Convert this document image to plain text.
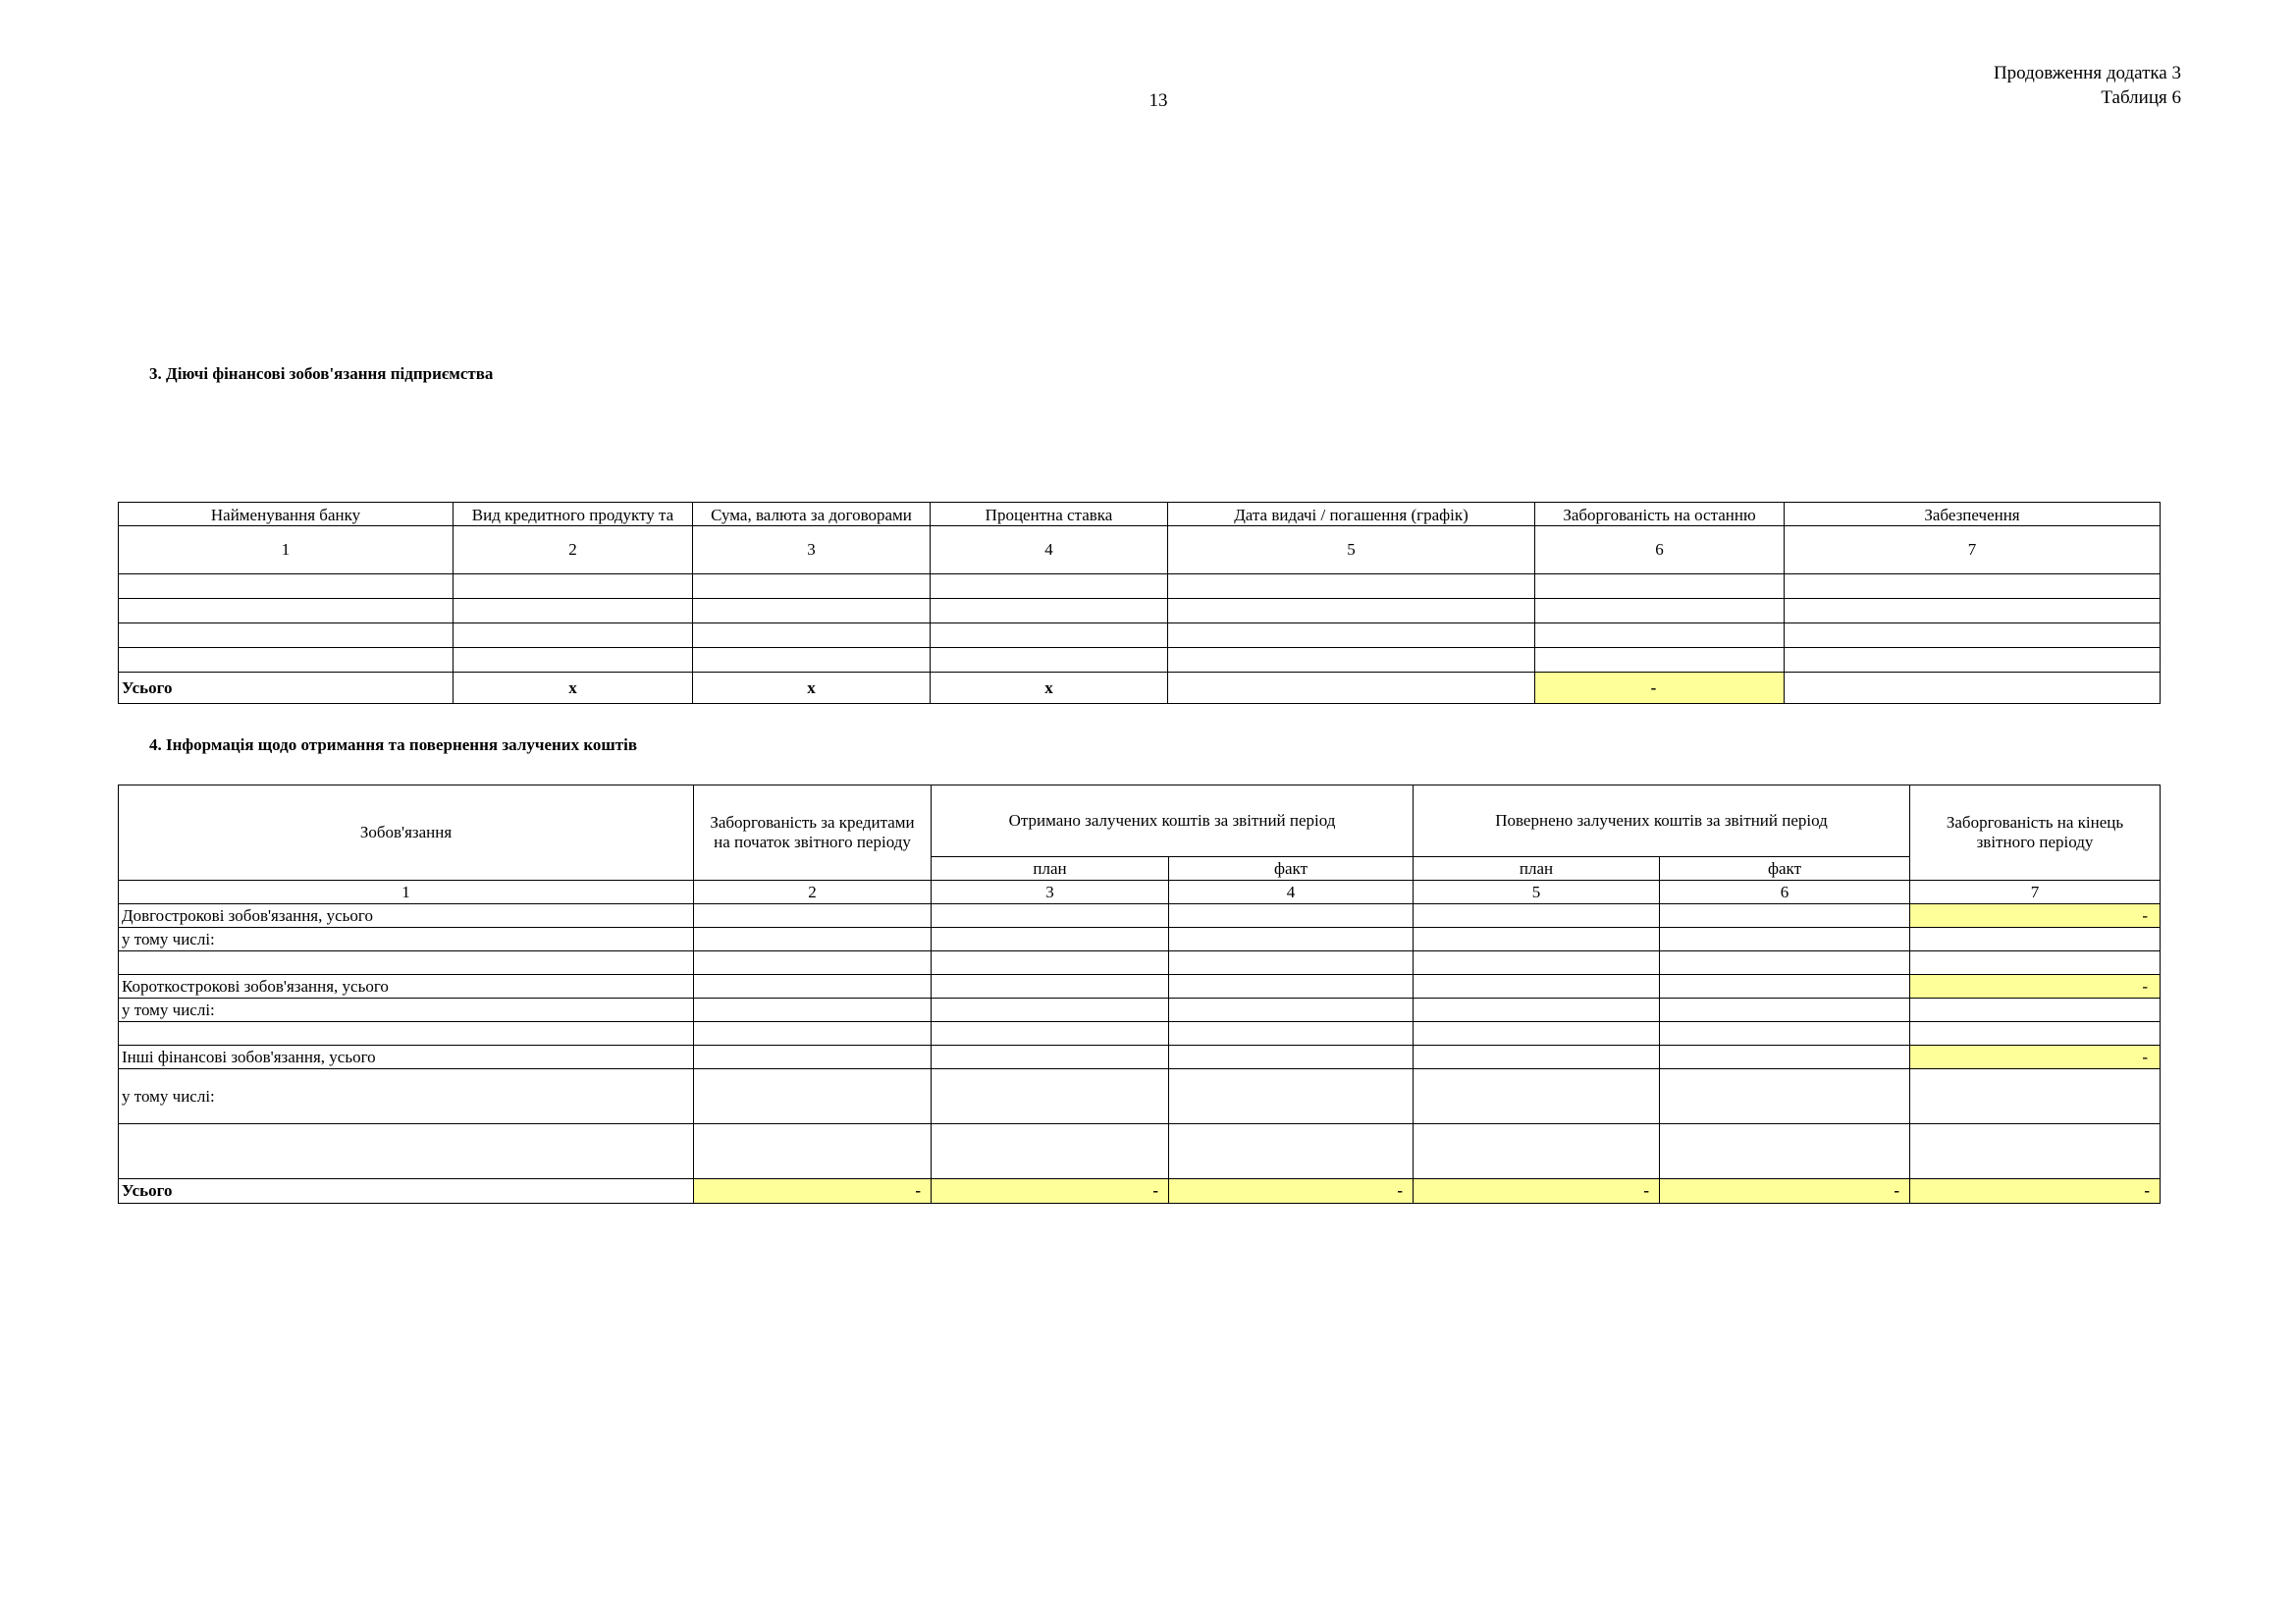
13
Продовження додатка 3
Таблиця 6
3. Діючі фінансові зобов'язання підприємства
Найменування банку	Вид кредитного продукту та	Сума, валюта за договорами	Процентна ставка	Дата видачі / погашення (графік)	Заборгованість на останню	Забезпечення
1	2	3	4	5	6	7

Усього	x	x	x		-	
4. Інформація щодо отримання та повернення залучених коштів
Зобов'язання	Заборгованість за кредитами на початок звітного періоду	Отримано залучених коштів за звітний період		Повернено залучених коштів за звітний період		Заборгованість на кінець звітного періоду
		план	факт	план	факт	
1	2	3	4	5	6	7
Довгострокові зобов'язання, усього						-
у тому числі:						

Короткострокові зобов'язання, усього						-
у тому числі:						

Інші фінансові зобов'язання, усього						-
у тому числі:						

Усього	-	-	-	-	-	-
